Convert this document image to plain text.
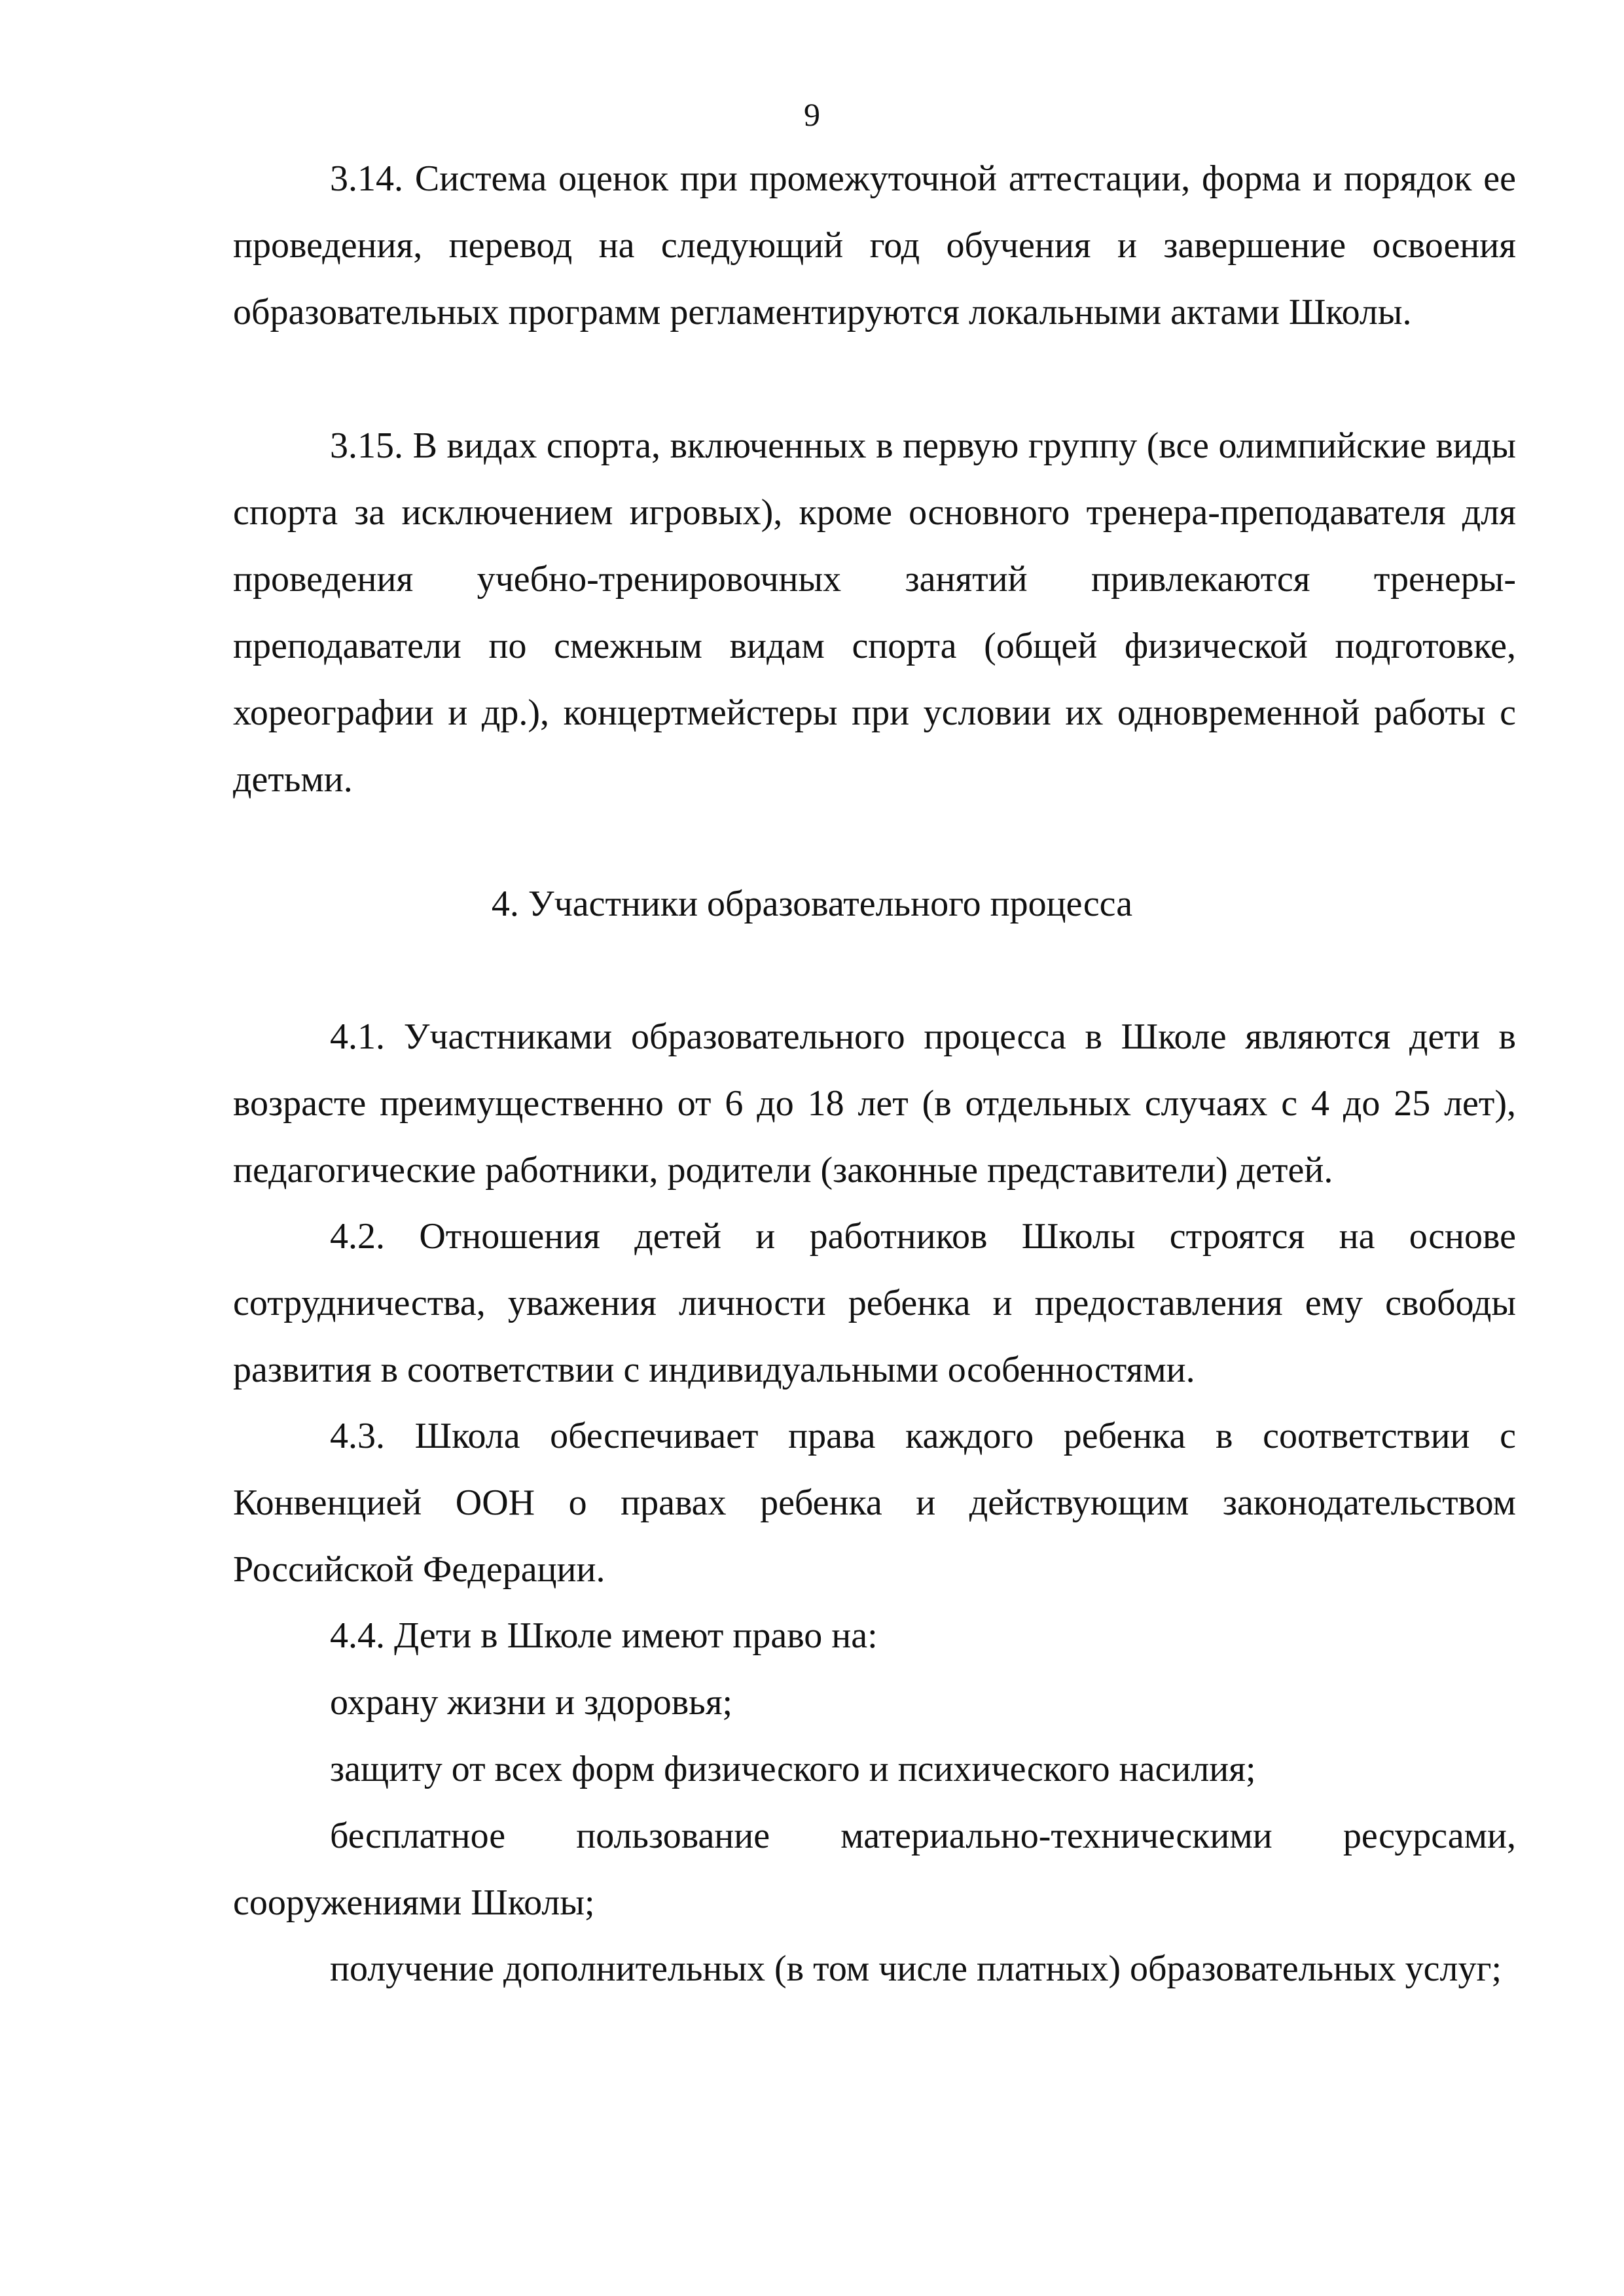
9

3.14. Система оценок при промежуточной аттестации, форма и порядок ее проведения, перевод на следующий год обучения и завершение освоения образовательных программ регламентируются локальными актами Школы.

3.15. В видах спорта, включенных в первую группу (все олимпийские виды спорта за исключением игровых), кроме основного тренера-преподавателя для проведения учебно-тренировочных занятий привлекаются тренеры-преподаватели по смежным видам спорта (общей физической подготовке, хореографии и др.), концертмейстеры при условии их одновременной работы с детьми.

4. Участники образовательного процесса

4.1. Участниками образовательного процесса в Школе являются дети в возрасте преимущественно от 6 до 18 лет (в отдельных случаях с 4 до 25 лет), педагогические работники, родители (законные представители) детей.

4.2. Отношения детей и работников Школы строятся на основе сотрудничества, уважения личности ребенка и предоставления ему свободы развития в соответствии с индивидуальными особенностями.

4.3. Школа обеспечивает права каждого ребенка в соответствии с Конвенцией ООН о правах ребенка и действующим законодательством Российской Федерации.

4.4. Дети в Школе имеют право на:

охрану жизни и здоровья;

защиту от всех форм физического и психического насилия;

бесплатное пользование материально-техническими ресурсами, сооружениями Школы;

получение дополнительных (в том числе платных) образовательных услуг;
